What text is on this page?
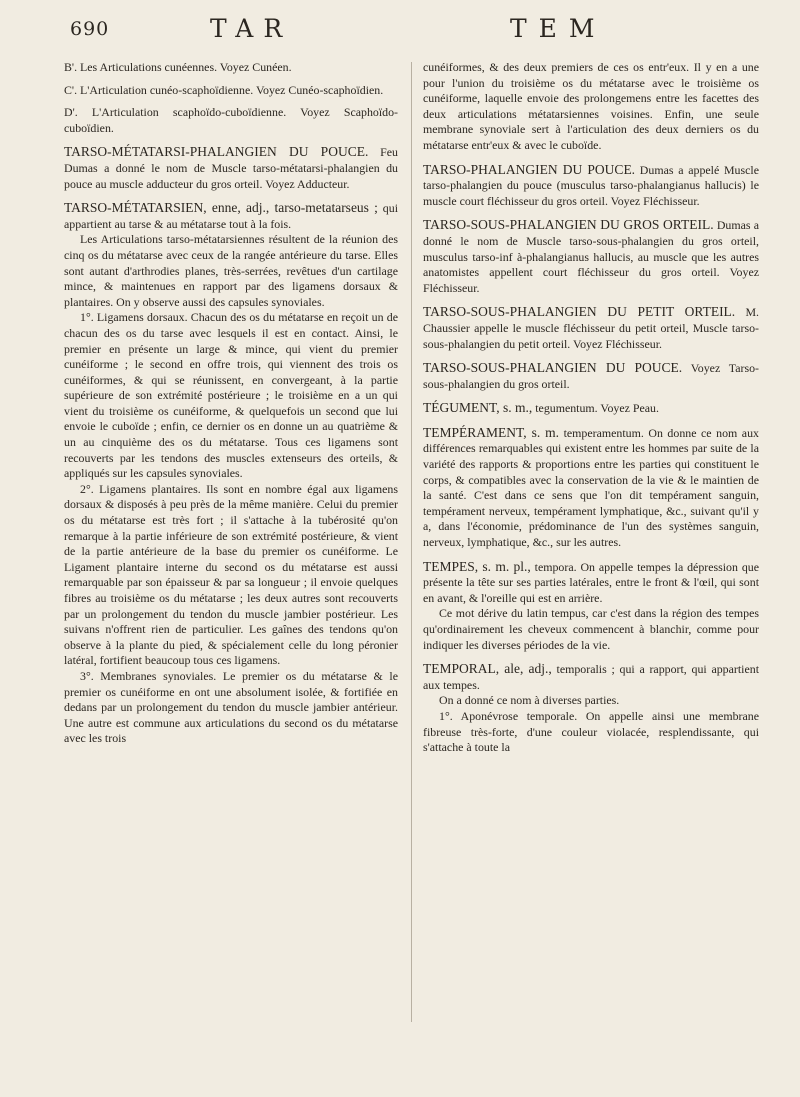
690	TAR	TEM

B'. Les Articulations cunéennes. Voyez Cunéen.

C'. L'Articulation cunéo-scaphoïdienne. Voyez Cunéo-scaphoïdien.

D'. L'Articulation scaphoïdo-cuboïdienne. Voyez Scaphoïdo-cuboïdien.

TARSO-MÉTATARSI-PHALANGIEN DU POUCE. Feu Dumas a donné le nom de Muscle tarso-métatarsi-phalangien du pouce au muscle adducteur du gros orteil. Voyez Adducteur.

TARSO-MÉTATARSIEN, enne, adj., tarso-metatarseus ; qui appartient au tarse & au métatarse tout à la fois.

Les Articulations tarso-métatarsiennes résultent de la réunion des cinq os du métatarse avec ceux de la rangée antérieure du tarse. Elles sont autant d'arthrodies planes, très-serrées, revêtues d'un cartilage mince, & maintenues en rapport par des ligamens dorsaux & plantaires. On y observe aussi des capsules synoviales.

1°. Ligamens dorsaux. Chacun des os du métatarse en reçoit un de chacun des os du tarse avec lesquels il est en contact. Ainsi, le premier en présente un large & mince, qui vient du premier cunéiforme ; le second en offre trois, qui viennent des trois os cunéiformes, & qui se réunissent, en convergeant, à la partie supérieure de son extrémité postérieure ; le troisième en a un qui vient du troisième os cunéiforme, & quelquefois un second que lui envoie le cuboïde ; enfin, ce dernier os en donne un au quatrième & un au cinquième des os du métatarse. Tous ces ligamens sont recouverts par les tendons des muscles extenseurs des orteils, & appliqués sur les capsules synoviales.

2°. Ligamens plantaires. Ils sont en nombre égal aux ligamens dorsaux & disposés à peu près de la même manière. Celui du premier os du métatarse est très fort ; il s'attache à la tubérosité qu'on remarque à la partie inférieure de son extrémité postérieure, & vient de la partie antérieure de la base du premier os cunéiforme. Le Ligament plantaire interne du second os du métatarse est aussi remarquable par son épaisseur & par sa longueur ; il envoie quelques fibres au troisième os du métatarse ; les deux autres sont recouverts par un prolongement du tendon du muscle jambier postérieur. Les suivans n'offrent rien de particulier. Les gaînes des tendons qu'on observe à la plante du pied, & spécialement celle du long péronier latéral, fortifient beaucoup tous ces ligamens.

3°. Membranes synoviales. Le premier os du métatarse & le premier os cunéiforme en ont une absolument isolée, & fortifiée en dedans par un prolongement du tendon du muscle jambier antérieur. Une autre est commune aux articulations du second os du métatarse avec les trois

cunéiformes, & des deux premiers de ces os entr'eux. Il y en a une pour l'union du troisième os du métatarse avec le troisième os cunéiforme, laquelle envoie des prolongemens entre les facettes des deux articulations métatarsiennes voisines. Enfin, une seule membrane synoviale sert à l'articulation des deux derniers os du métatarse entr'eux & avec le cuboïde.

TARSO-PHALANGIEN DU POUCE. Dumas a appelé Muscle tarso-phalangien du pouce (musculus tarso-phalangianus hallucis) le muscle court fléchisseur du gros orteil. Voyez Fléchisseur.

TARSO-SOUS-PHALANGIEN DU GROS ORTEIL. Dumas a donné le nom de Muscle tarso-sous-phalangien du gros orteil, musculus tarso-inf à-phalangianus hallucis, au muscle que les autres anatomistes appellent court fléchisseur du gros orteil. Voyez Fléchisseur.

TARSO-SOUS-PHALANGIEN DU PETIT ORTEIL. M. Chaussier appelle le muscle fléchisseur du petit orteil, Muscle tarso-sous-phalangien du petit orteil. Voyez Fléchisseur.

TARSO-SOUS-PHALANGIEN DU POUCE. Voyez Tarso-sous-phalangien du gros orteil.

TÉGUMENT, s. m., tegumentum. Voyez Peau.

TEMPÉRAMENT, s. m. temperamentum. On donne ce nom aux différences remarquables qui existent entre les hommes par suite de la variété des rapports & proportions entre les parties qui constituent le corps, & compatibles avec la conservation de la vie & le maintien de la santé. C'est dans ce sens que l'on dit tempérament sanguin, tempérament nerveux, tempérament lymphatique, &c., suivant qu'il y a, dans l'économie, prédominance de l'un des systèmes sanguin, nerveux, lymphatique, &c., sur les autres.

TEMPES, s. m. pl., tempora. On appelle tempes la dépression que présente la tête sur ses parties latérales, entre le front & l'œil, qui sont en avant, & l'oreille qui est en arrière.

Ce mot dérive du latin tempus, car c'est dans la région des tempes qu'ordinairement les cheveux commencent à blanchir, comme pour indiquer les diverses périodes de la vie.

TEMPORAL, ale, adj., temporalis ; qui a rapport, qui appartient aux tempes.

On a donné ce nom à diverses parties.

1°. Aponévrose temporale. On appelle ainsi une membrane fibreuse très-forte, d'une couleur violacée, resplendissante, qui s'attache à toute la
